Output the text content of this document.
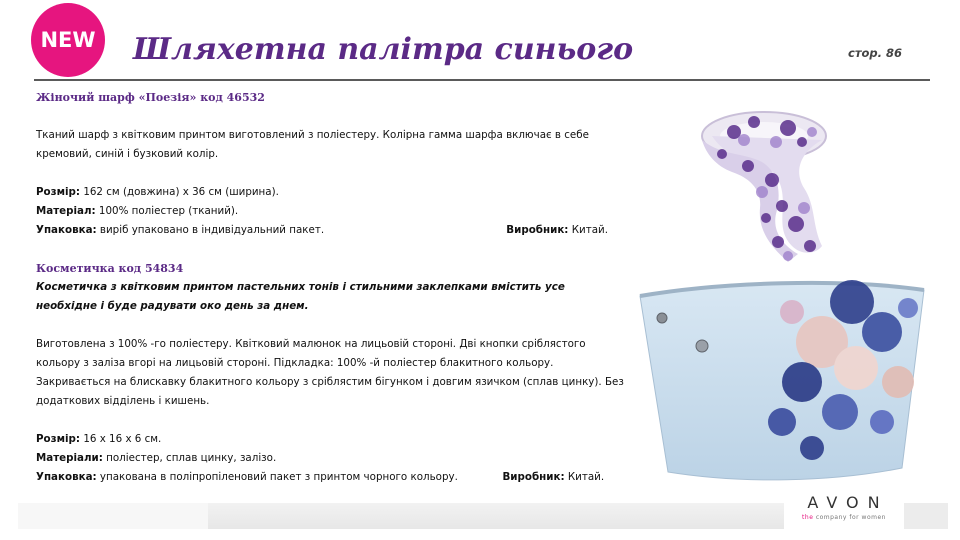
NEW Шляхетна палітра синього	стор. 86

Жіночий шарф «Поезія» код 46532

Тканий шарф з квітковим принтом виготовлений з поліестеру. Колірна гамма шарфа включає в себе

кремовий, синій і бузковий колір.

Розмір: 162 см (довжина) х 36 см (ширина).

Матеріал: 100% поліестер (тканий).

Упаковка: виріб упаковано в індивідуальний пакет.	Виробник: Китай.

Косметичка код 54834

Косметичка з квітковим принтом пастельних тонів і стильними заклепками вмістить усе

необхідне і буде радувати око день за днем.

Виготовлена з 100% -го поліестеру. Квітковий малюнок на лицьовій стороні. Дві кнопки сріблястого

кольору з заліза вгорі на лицьовій стороні. Підкладка: 100% -й поліестер блакитного кольору.

Закривається на блискавку блакитного кольору з сріблястим бігунком і довгим язичком (сплав цинку). Без

додаткових відділень і кишень.

Розмір: 16 х 16 х 6 см.

Матеріали: поліестер, сплав цинку, залізо.

Упаковка: упакована в поліпропіленовий пакет з принтом чорного кольору.	Виробник: Китай.

AVON
the company for women
